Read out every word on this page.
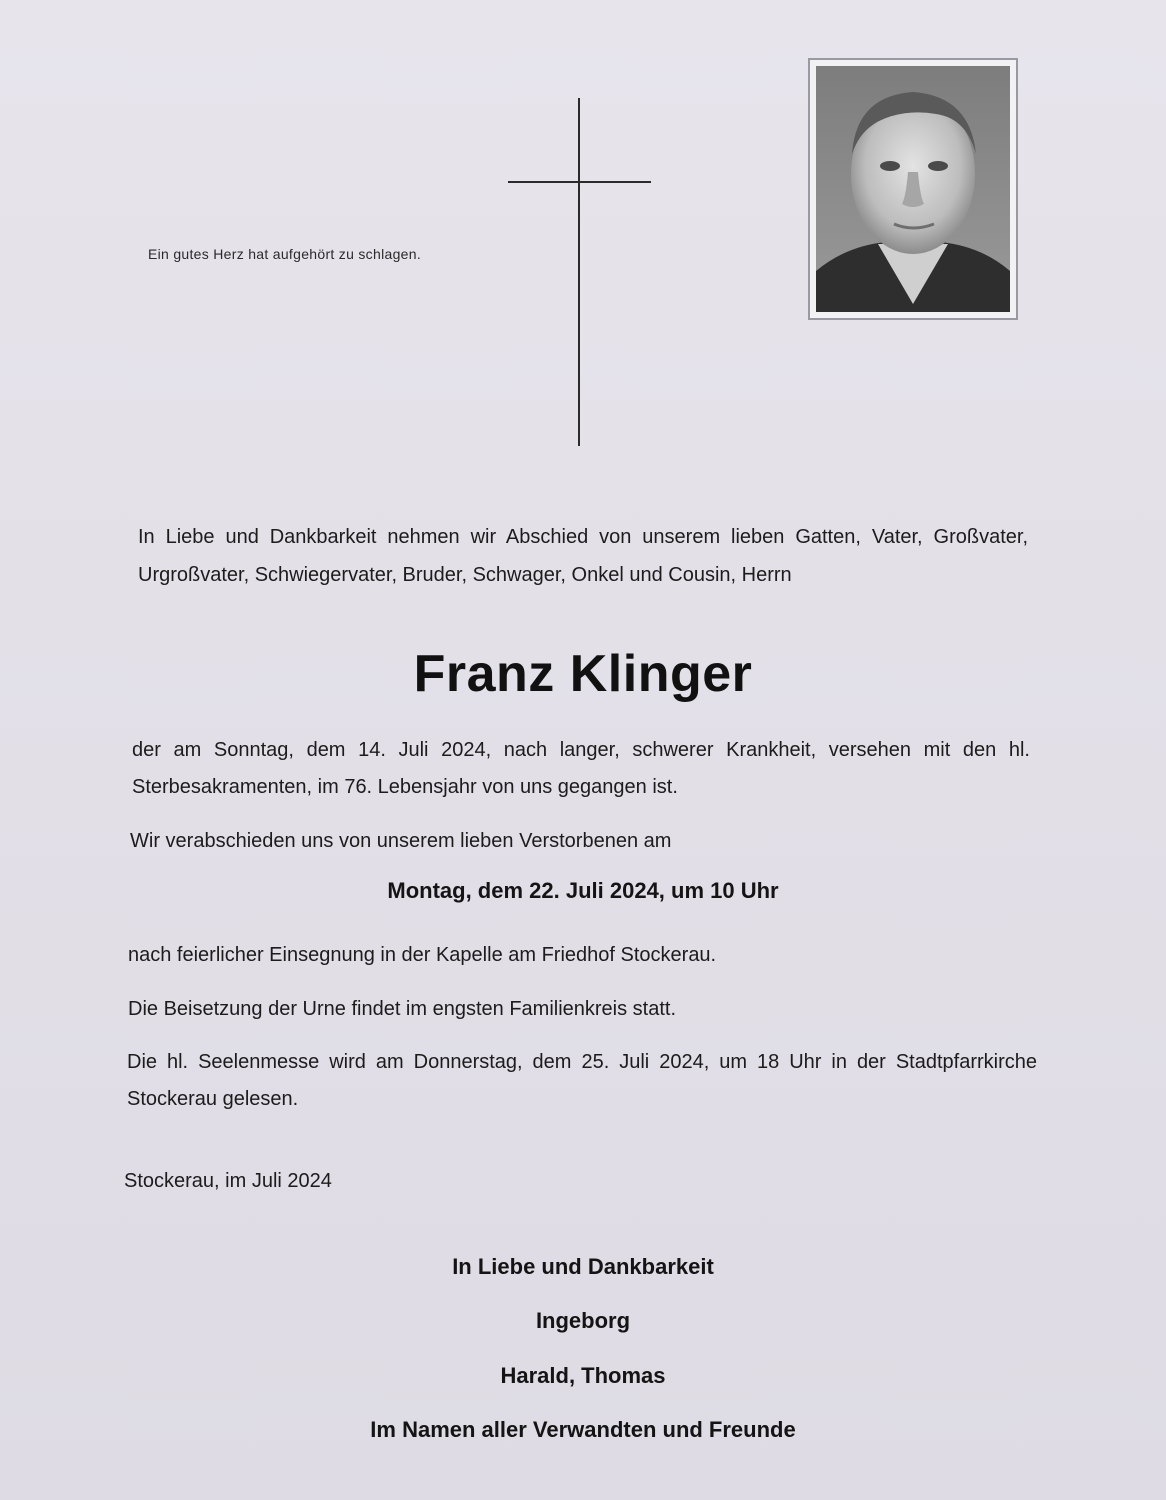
Ein gutes Herz hat aufgehört zu schlagen.
In Liebe und Dankbarkeit nehmen wir Abschied von unserem lieben Gatten, Vater, Großvater, Urgroßvater, Schwiegervater, Bruder, Schwager, Onkel und Cousin, Herrn
Franz Klinger
der am Sonntag, dem 14. Juli 2024, nach langer, schwerer Krankheit, versehen mit den hl. Sterbesakramenten, im 76. Lebensjahr von uns gegangen ist.
Wir verabschieden uns von unserem lieben Verstorbenen am
Montag, dem 22. Juli 2024, um 10 Uhr
nach feierlicher Einsegnung in der Kapelle am Friedhof Stockerau.
Die Beisetzung der Urne findet im engsten Familienkreis statt.
Die hl. Seelenmesse wird am Donnerstag, dem 25. Juli 2024, um 18 Uhr in der Stadtpfarrkirche Stockerau gelesen.
Stockerau, im Juli 2024
In Liebe und Dankbarkeit
Ingeborg
Harald, Thomas
Im Namen aller Verwandten und Freunde
